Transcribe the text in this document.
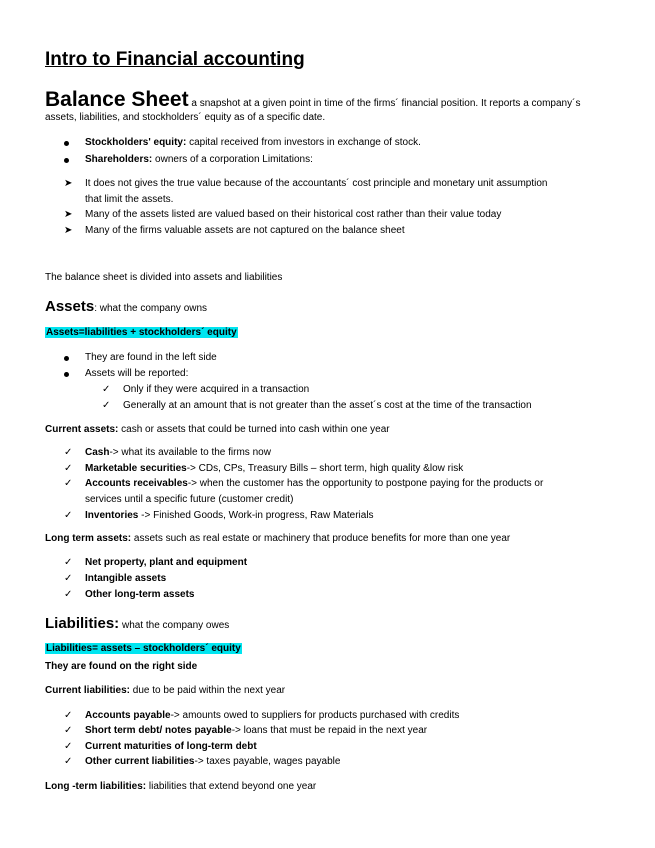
Intro to Financial accounting
Balance Sheet a snapshot at a given point in time of the firms´ financial position. It reports a company´s
assets, liabilities, and stockholders´ equity as of a specific date.
Stockholders' equity: capital received from investors in exchange of stock.
Shareholders: owners of a corporation Limitations:
➤ It does not gives the true value because of the accountants´ cost principle and monetary unit assumption
that limit the assets.
➤ Many of the assets listed are valued based on their historical cost rather than their value today
➤ Many of the firms valuable assets are not captured on the balance sheet
The balance sheet is divided into assets and liabilities
Assets: what the company owns
Assets=liabilities + stockholders´ equity
They are found in the left side
Assets will be reported:
✓ Only if they were acquired in a transaction
✓ Generally at an amount that is not greater than the asset´s cost at the time of the transaction
Current assets: cash or assets that could be turned into cash within one year
✓ Cash-> what its available to the firms now
✓ Marketable securities-> CDs, CPs, Treasury Bills – short term, high quality &low risk
✓ Accounts receivables-> when the customer has the opportunity to postpone paying for the products or
services until a specific future (customer credit)
✓ Inventories -> Finished Goods, Work-in progress, Raw Materials
Long term assets: assets such as real estate or machinery that produce benefits for more than one year
✓ Net property, plant and equipment
✓ Intangible assets
✓ Other long-term assets
Liabilities: what the company owes
Liabilities= assets – stockholders´ equity
They are found on the right side
Current liabilities: due to be paid within the next year
✓ Accounts payable-> amounts owed to suppliers for products purchased with credits
✓ Short term debt/ notes payable-> loans that must be repaid in the next year
✓ Current maturities of long-term debt
✓ Other current liabilities-> taxes payable, wages payable
Long -term liabilities: liabilities that extend beyond one year
